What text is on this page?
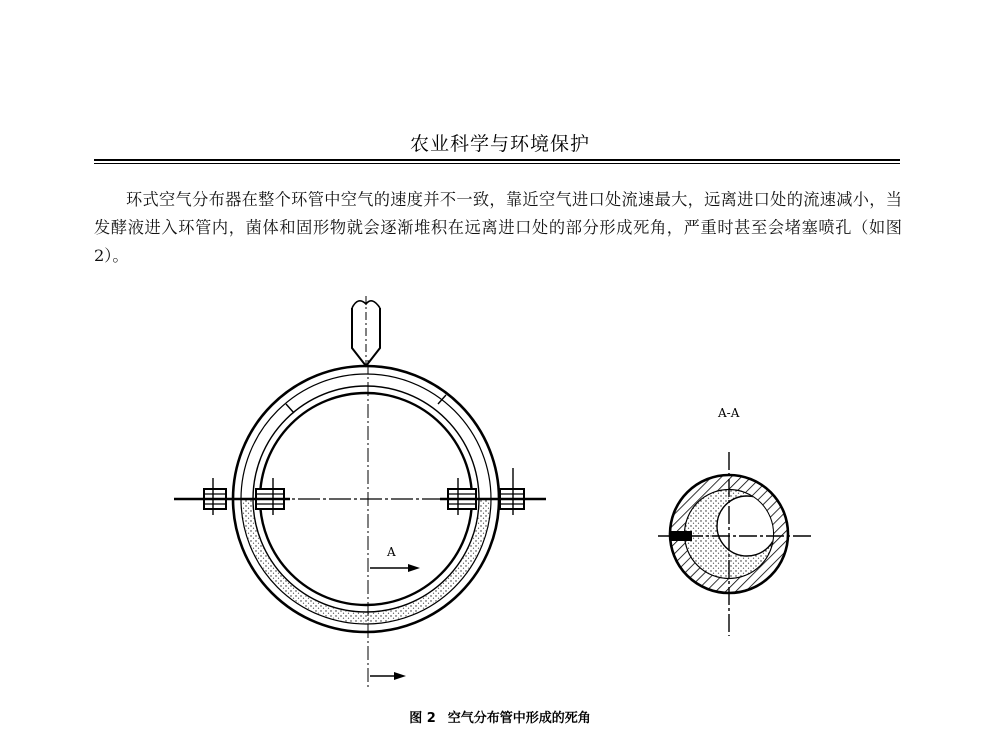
农业科学与环境保护

环式空气分布器在整个环管中空气的速度并不一致，靠近空气进口处流速最大，远离进口处的流速减小，当发酵液进入环管内，菌体和固形物就会逐渐堆积在远离进口处的部分形成死角，严重时甚至会堵塞喷孔（如图 2）。

A
A-A
图 2 空气分布管中形成的死角
